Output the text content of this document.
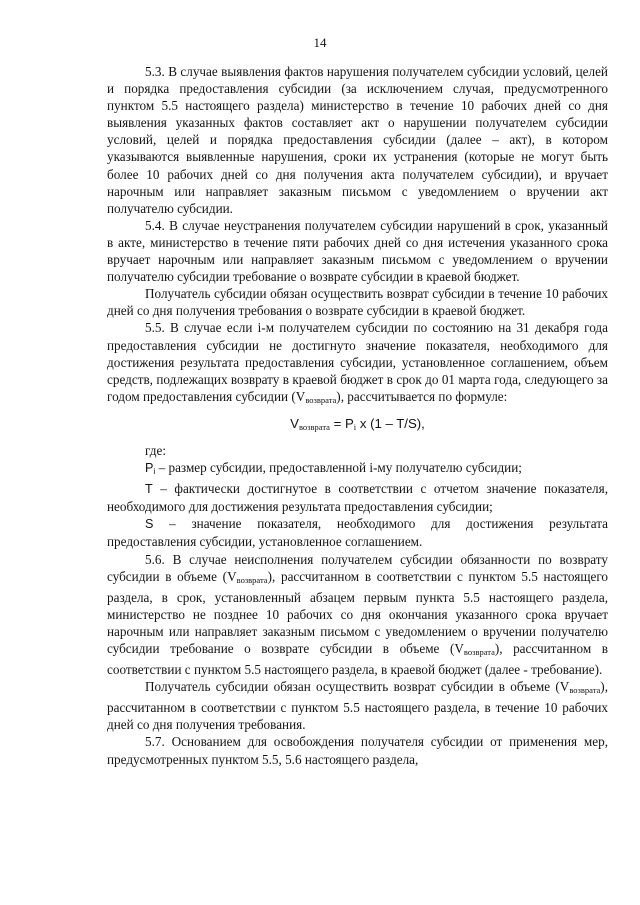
14

5.3. В случае выявления фактов нарушения получателем субсидии условий, целей и порядка предоставления субсидии (за исключением случая, предусмотренного пунктом 5.5 настоящего раздела) министерство в течение 10 рабочих дней со дня выявления указанных фактов составляет акт о нарушении получателем субсидии условий, целей и порядка предоставления субсидии (далее – акт), в котором указываются выявленные нарушения, сроки их устранения (которые не могут быть более 10 рабочих дней со дня получения акта получателем субсидии), и вручает нарочным или направляет заказным письмом с уведомлением о вручении акт получателю субсидии.

5.4. В случае неустранения получателем субсидии нарушений в срок, указанный в акте, министерство в течение пяти рабочих дней со дня истечения указанного срока вручает нарочным или направляет заказным письмом с уведомлением о вручении получателю субсидии требование о возврате субсидии в краевой бюджет.

Получатель субсидии обязан осуществить возврат субсидии в течение 10 рабочих дней со дня получения требования о возврате субсидии в краевой бюджет.

5.5. В случае если i-м получателем субсидии по состоянию на 31 декабря года предоставления субсидии не достигнуто значение показателя, необходимого для достижения результата предоставления субсидии, установленное соглашением, объем средств, подлежащих возврату в краевой бюджет в срок до 01 марта года, следующего за годом предоставления субсидии (Vвозврата), рассчитывается по формуле:

$V_{возврата} = P_i$ x (1 – T/S),

где:

$P_i$ – размер субсидии, предоставленной i-му получателю субсидии;

T – фактически достигнутое в соответствии с отчетом значение показателя, необходимого для достижения результата предоставления субсидии;

S – значение показателя, необходимого для достижения результата предоставления субсидии, установленное соглашением.

5.6. В случае неисполнения получателем субсидии обязанности по возврату субсидии в объеме (Vвозврата), рассчитанном в соответствии с пунктом 5.5 настоящего раздела, в срок, установленный абзацем первым пункта 5.5 настоящего раздела, министерство не позднее 10 рабочих со дня окончания указанного срока вручает нарочным или направляет заказным письмом с уведомлением о вручении получателю субсидии требование о возврате субсидии в объеме (Vвозврата), рассчитанном в соответствии с пунктом 5.5 настоящего раздела, в краевой бюджет (далее - требование).

Получатель субсидии обязан осуществить возврат субсидии в объеме (Vвозврата), рассчитанном в соответствии с пунктом 5.5 настоящего раздела, в течение 10 рабочих дней со дня получения требования.

5.7. Основанием для освобождения получателя субсидии от применения мер, предусмотренных пунктом 5.5, 5.6 настоящего раздела,
